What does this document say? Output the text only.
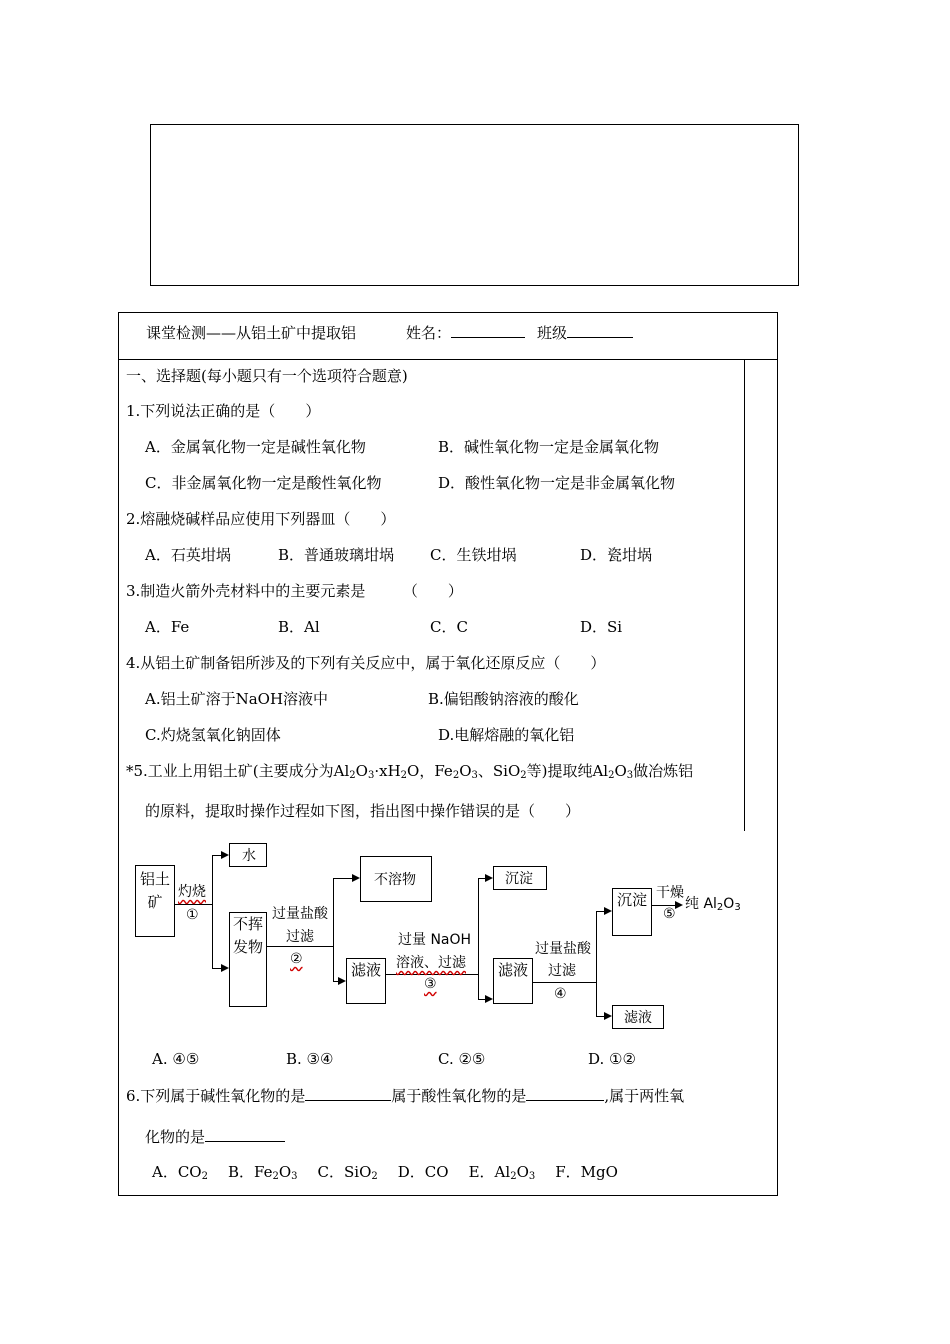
课堂检测——从铝土矿中提取铝	姓名：	班级
一、选择题(每小题只有一个选项符合题意)
1.下列说法正确的是（　　）
A．金属氧化物一定是碱性氧化物	B．碱性氧化物一定是金属氧化物
C．非金属氧化物一定是酸性氧化物	D．酸性氧化物一定是非金属氧化物
2.熔融烧碱样品应使用下列器皿（　　）
A．石英坩埚	B．普通玻璃坩埚 C．生铁坩埚	D．瓷坩埚
3.制造火箭外壳材料中的主要元素是　　　（　　）
A．Fe	B．Al	C．C	D．Si
4.从铝土矿制备铝所涉及的下列有关反应中，属于氧化还原反应（　　）
A.铝土矿溶于NaOH溶液中	B.偏铝酸钠溶液的酸化
C.灼烧氢氧化钠固体	D.电解熔融的氧化铝
*5.工业上用铝土矿(主要成分为$Al_2O_3\cdot xH_2O$，$Fe_2O_3$、SiO$_2$等)提取纯$Al_2O_3$做冶炼铝
的原料，提取时操作过程如下图，指出图中操作错误的是（　　）
铝土矿
水
不挥发物
不溶物
滤液
沉淀
滤液
沉淀
滤液
灼烧
①	过量盐酸
过滤
②
过量 NaOH
溶液、过滤
③
过量盐酸
过滤
④
干燥
⑤
纯 $Al_2O_3$
A. ④⑤	B. ③④	C. ②⑤	D. ①②
6.下列属于碱性氧化物的是	属于酸性氧化物的是	,属于两性氧
化物的是
A．$CO_2$ B．$Fe_2O_3$ C．SiO$_2$ D．CO E．$Al_2O_3$ F．MgO
